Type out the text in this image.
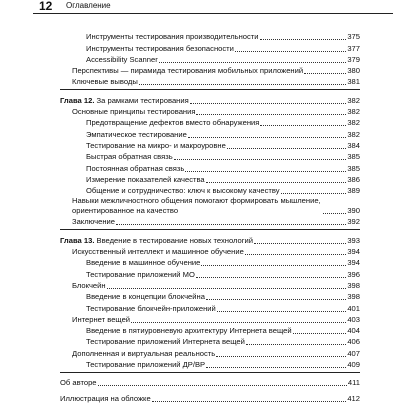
12 Оглавление
Инструменты тестирования производительности	375
Инструменты тестирования безопасности	377
Accessibility Scanner	379
Перспективы — пирамида тестирования мобильных приложений	380
Ключевые выводы	381
Глава 12. За рамками тестирования	382
Основные принципы тестирования	382
Предотвращение дефектов вместо обнаружения	382
Эмпатическое тестирование	382
Тестирование на микро- и макроуровне	384
Быстрая обратная связь	385
Постоянная обратная связь	385
Измерение показателей качества	386
Общение и сотрудничество: ключ к высокому качеству	389
Навыки межличностного общения помогают формировать мышление, ориентированное на качество	390
Заключение	392
Глава 13. Введение в тестирование новых технологий	393
Искусственный интеллект и машинное обучение	394
Введение в машинное обучение	394
Тестирование приложений МО	396
Блокчейн	398
Введение в концепции блокчейна	398
Тестирование блокчейн-приложений	401
Интернет вещей	403
Введение в пятиуровневую архитектуру Интернета вещей	404
Тестирование приложений Интернета вещей	406
Дополненная и виртуальная реальность	407
Тестирование приложений ДР/ВР	409
Об авторе	411
Иллюстрация на обложке	412
